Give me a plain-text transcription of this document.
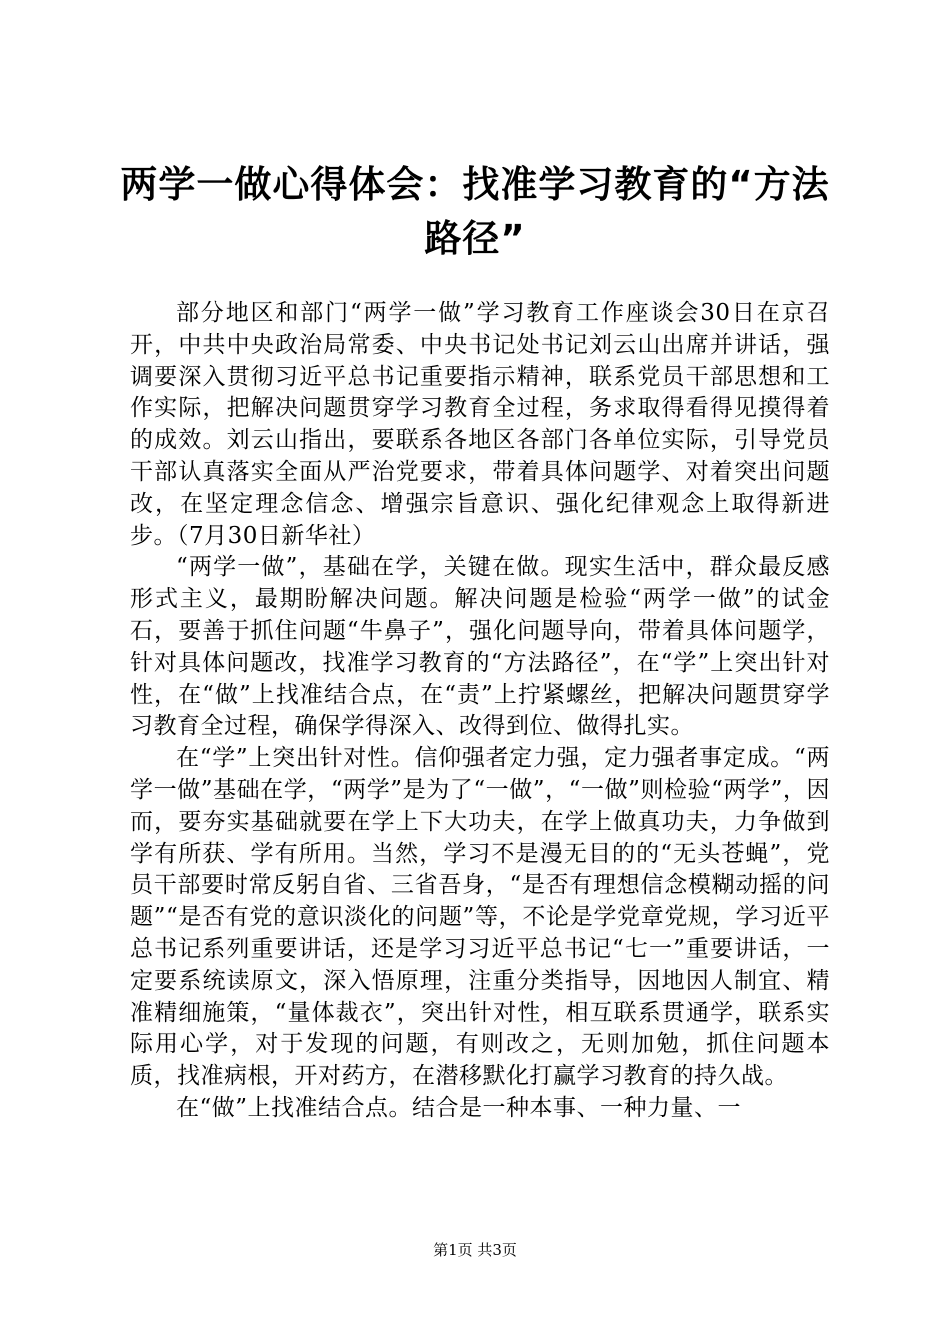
两学一做心得体会：找准学习教育的“方法路径”

部分地区和部门“两学一做”学习教育工作座谈会30日在京召开，中共中央政治局常委、中央书记处书记刘云山出席并讲话，强调要深入贯彻习近平总书记重要指示精神，联系党员干部思想和工作实际，把解决问题贯穿学习教育全过程，务求取得看得见摸得着的成效。刘云山指出，要联系各地区各部门各单位实际，引导党员干部认真落实全面从严治党要求，带着具体问题学、对着突出问题改，在坚定理念信念、增强宗旨意识、强化纪律观念上取得新进步。（7月30日新华社）

“两学一做”，基础在学，关键在做。现实生活中，群众最反感形式主义，最期盼解决问题。解决问题是检验“两学一做”的试金石，要善于抓住问题“牛鼻子”，强化问题导向，带着具体问题学，针对具体问题改，找准学习教育的“方法路径”，在“学”上突出针对性，在“做”上找准结合点，在“责”上拧紧螺丝，把解决问题贯穿学习教育全过程，确保学得深入、改得到位、做得扎实。

在“学”上突出针对性。信仰强者定力强，定力强者事定成。“两学一做”基础在学，“两学”是为了“一做”，“一做”则检验“两学”，因而，要夯实基础就要在学上下大功夫，在学上做真功夫，力争做到学有所获、学有所用。当然，学习不是漫无目的的“无头苍蝇”，党员干部要时常反躬自省、三省吾身，“是否有理想信念模糊动摇的问题”“是否有党的意识淡化的问题”等，不论是学党章党规，学习近平总书记系列重要讲话，还是学习习近平总书记“七一”重要讲话，一定要系统读原文，深入悟原理，注重分类指导，因地因人制宜、精准精细施策，“量体裁衣”，突出针对性，相互联系贯通学，联系实际用心学，对于发现的问题，有则改之，无则加勉，抓住问题本质，找准病根，开对药方，在潜移默化打赢学习教育的持久战。

在“做”上找准结合点。结合是一种本事、一种力量、一

第1页 共3页
